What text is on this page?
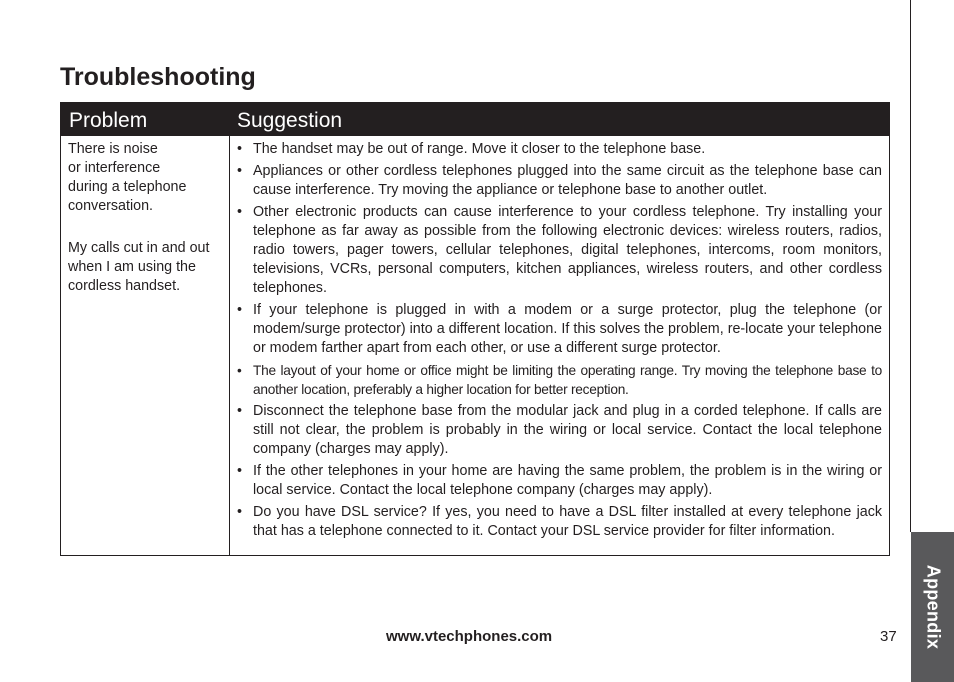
Appendix
Troubleshooting
Problem	Suggestion

There is noise
or interference
during a telephone
conversation.

My calls cut in and out
when I am using the
cordless handset.

• The handset may be out of range. Move it closer to the telephone base.
• Appliances or other cordless telephones plugged into the same circuit as the telephone base can cause interference. Try moving the appliance or telephone base to another outlet.
• Other electronic products can cause interference to your cordless telephone. Try installing your telephone as far away as possible from the following electronic devices: wireless routers, radios, radio towers, pager towers, cellular telephones, digital telephones, intercoms, room monitors, televisions, VCRs, personal computers, kitchen appliances, wireless routers, and other cordless telephones.
• If your telephone is plugged in with a modem or a surge protector, plug the telephone (or modem/surge protector) into a different location. If this solves the problem, re-locate your telephone or modem farther apart from each other, or use a different surge protector.
• The layout of your home or office might be limiting the operating range. Try moving the telephone base to another location, preferably a higher location for better reception.
• Disconnect the telephone base from the modular jack and plug in a corded telephone. If calls are still not clear, the problem is probably in the wiring or local service. Contact the local telephone company (charges may apply).
• If the other telephones in your home are having the same problem, the problem is in the wiring or local service. Contact the local telephone company (charges may apply).
• Do you have DSL service? If yes, you need to have a DSL filter installed at every telephone jack that has a telephone connected to it. Contact your DSL service provider for filter information.
www.vtechphones.com	37
